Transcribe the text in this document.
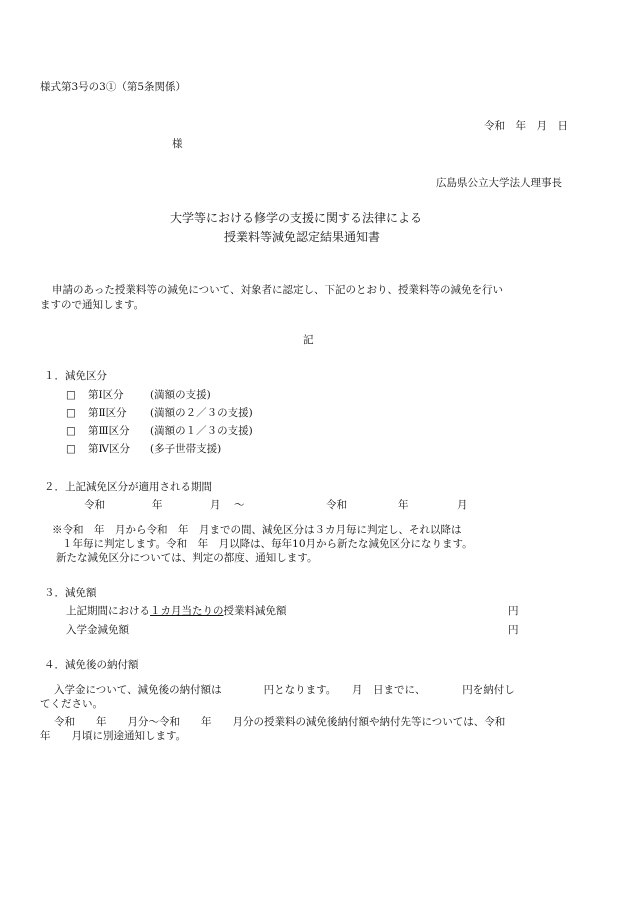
様式第3号の3①（第5条関係）
令和　年　月　日
様
広島県公立大学法人理事長
大学等における修学の支援に関する法律による
授業料等減免認定結果通知書
申請のあった授業料等の減免について、対象者に認定し、下記のとおり、授業料等の減免を行い
ますので通知します。
記
１．減免区分
□ 第Ⅰ区分	(満額の支援)
□ 第Ⅱ区分 (満額の２／３の支援)
□ 第Ⅲ区分 (満額の１／３の支援)
□ 第Ⅳ区分 (多子世帯支援)
２．上記減免区分が適用される期間
令和	年	月 ～	令和	年	月
※令和　年　月から令和　年　月までの間、減免区分は３カ月毎に判定し、それ以降は
１年毎に判定します。令和　年　月以降は、毎年10月から新たな減免区分になります。
新たな減免区分については、判定の都度、通知します。
３．減免額
上記期間における１カ月当たりの授業料減免額	円
入学金減免額	円
４．減免後の納付額
入学金について、減免後の納付額は　　　　円となります。　　月　日までに、　　　　円を納付し
てください。
令和　　年　　月分～令和　　年　　月分の授業料の減免後納付額や納付先等については、令和
年　　月頃に別途通知します。
